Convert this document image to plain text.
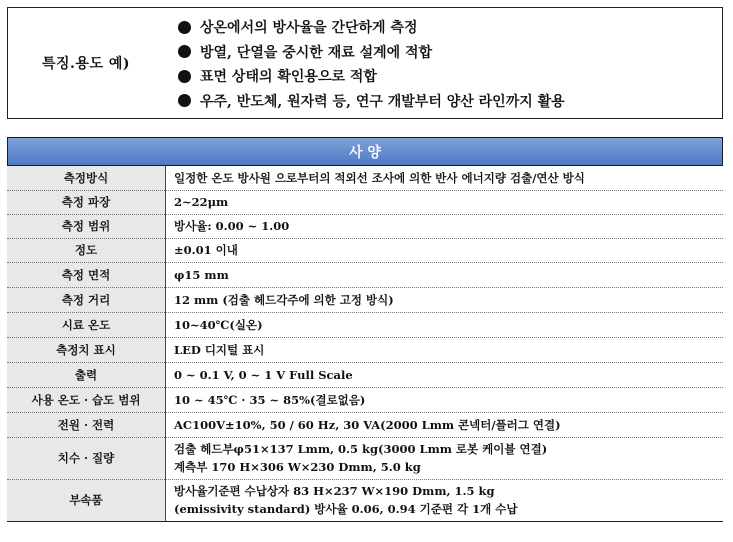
특징.용도 예)
상온에서의 방사율을 간단하게 측정
방열, 단열을 중시한 재료 설계에 적합
표면 상태의 확인용으로 적합
우주, 반도체, 원자력 등, 연구 개발부터 양산 라인까지 활용
사 양
측정방식	일정한 온도 방사원 으로부터의 적외선 조사에 의한 반사 에너지량 검출/연산 방식

측정 파장	2~22μm

측정 범위	방사율: 0.00 ~ 1.00

정도	±0.01 이내

측정 면적	φ15 mm

측정 거리	12 mm (검출 헤드각주에 의한 고정 방식)

시료 온도	10~40℃(실온)

측정치 표시	LED 디지털 표시

출력	0 ~ 0.1 V, 0 ~ 1 V Full Scale

사용 온도 · 습도 범위	10 ~ 45℃ · 35 ~ 85%(결로없음)

전원 · 전력	AC100V±10%, 50 / 60 Hz, 30 VA(2000 Lmm 콘넥터/플러그 연결)

치수 · 질량	검출 헤드부φ51×137 Lmm, 0.5 kg(3000 Lmm 로봇 케이블 연결)
계측부 170 H×306 W×230 Dmm, 5.0 kg

부속품	방사율기준편 수납상자 83 H×237 W×190 Dmm, 1.5 kg
(emissivity standard) 방사율 0.06, 0.94 기준편 각 1개 수납
